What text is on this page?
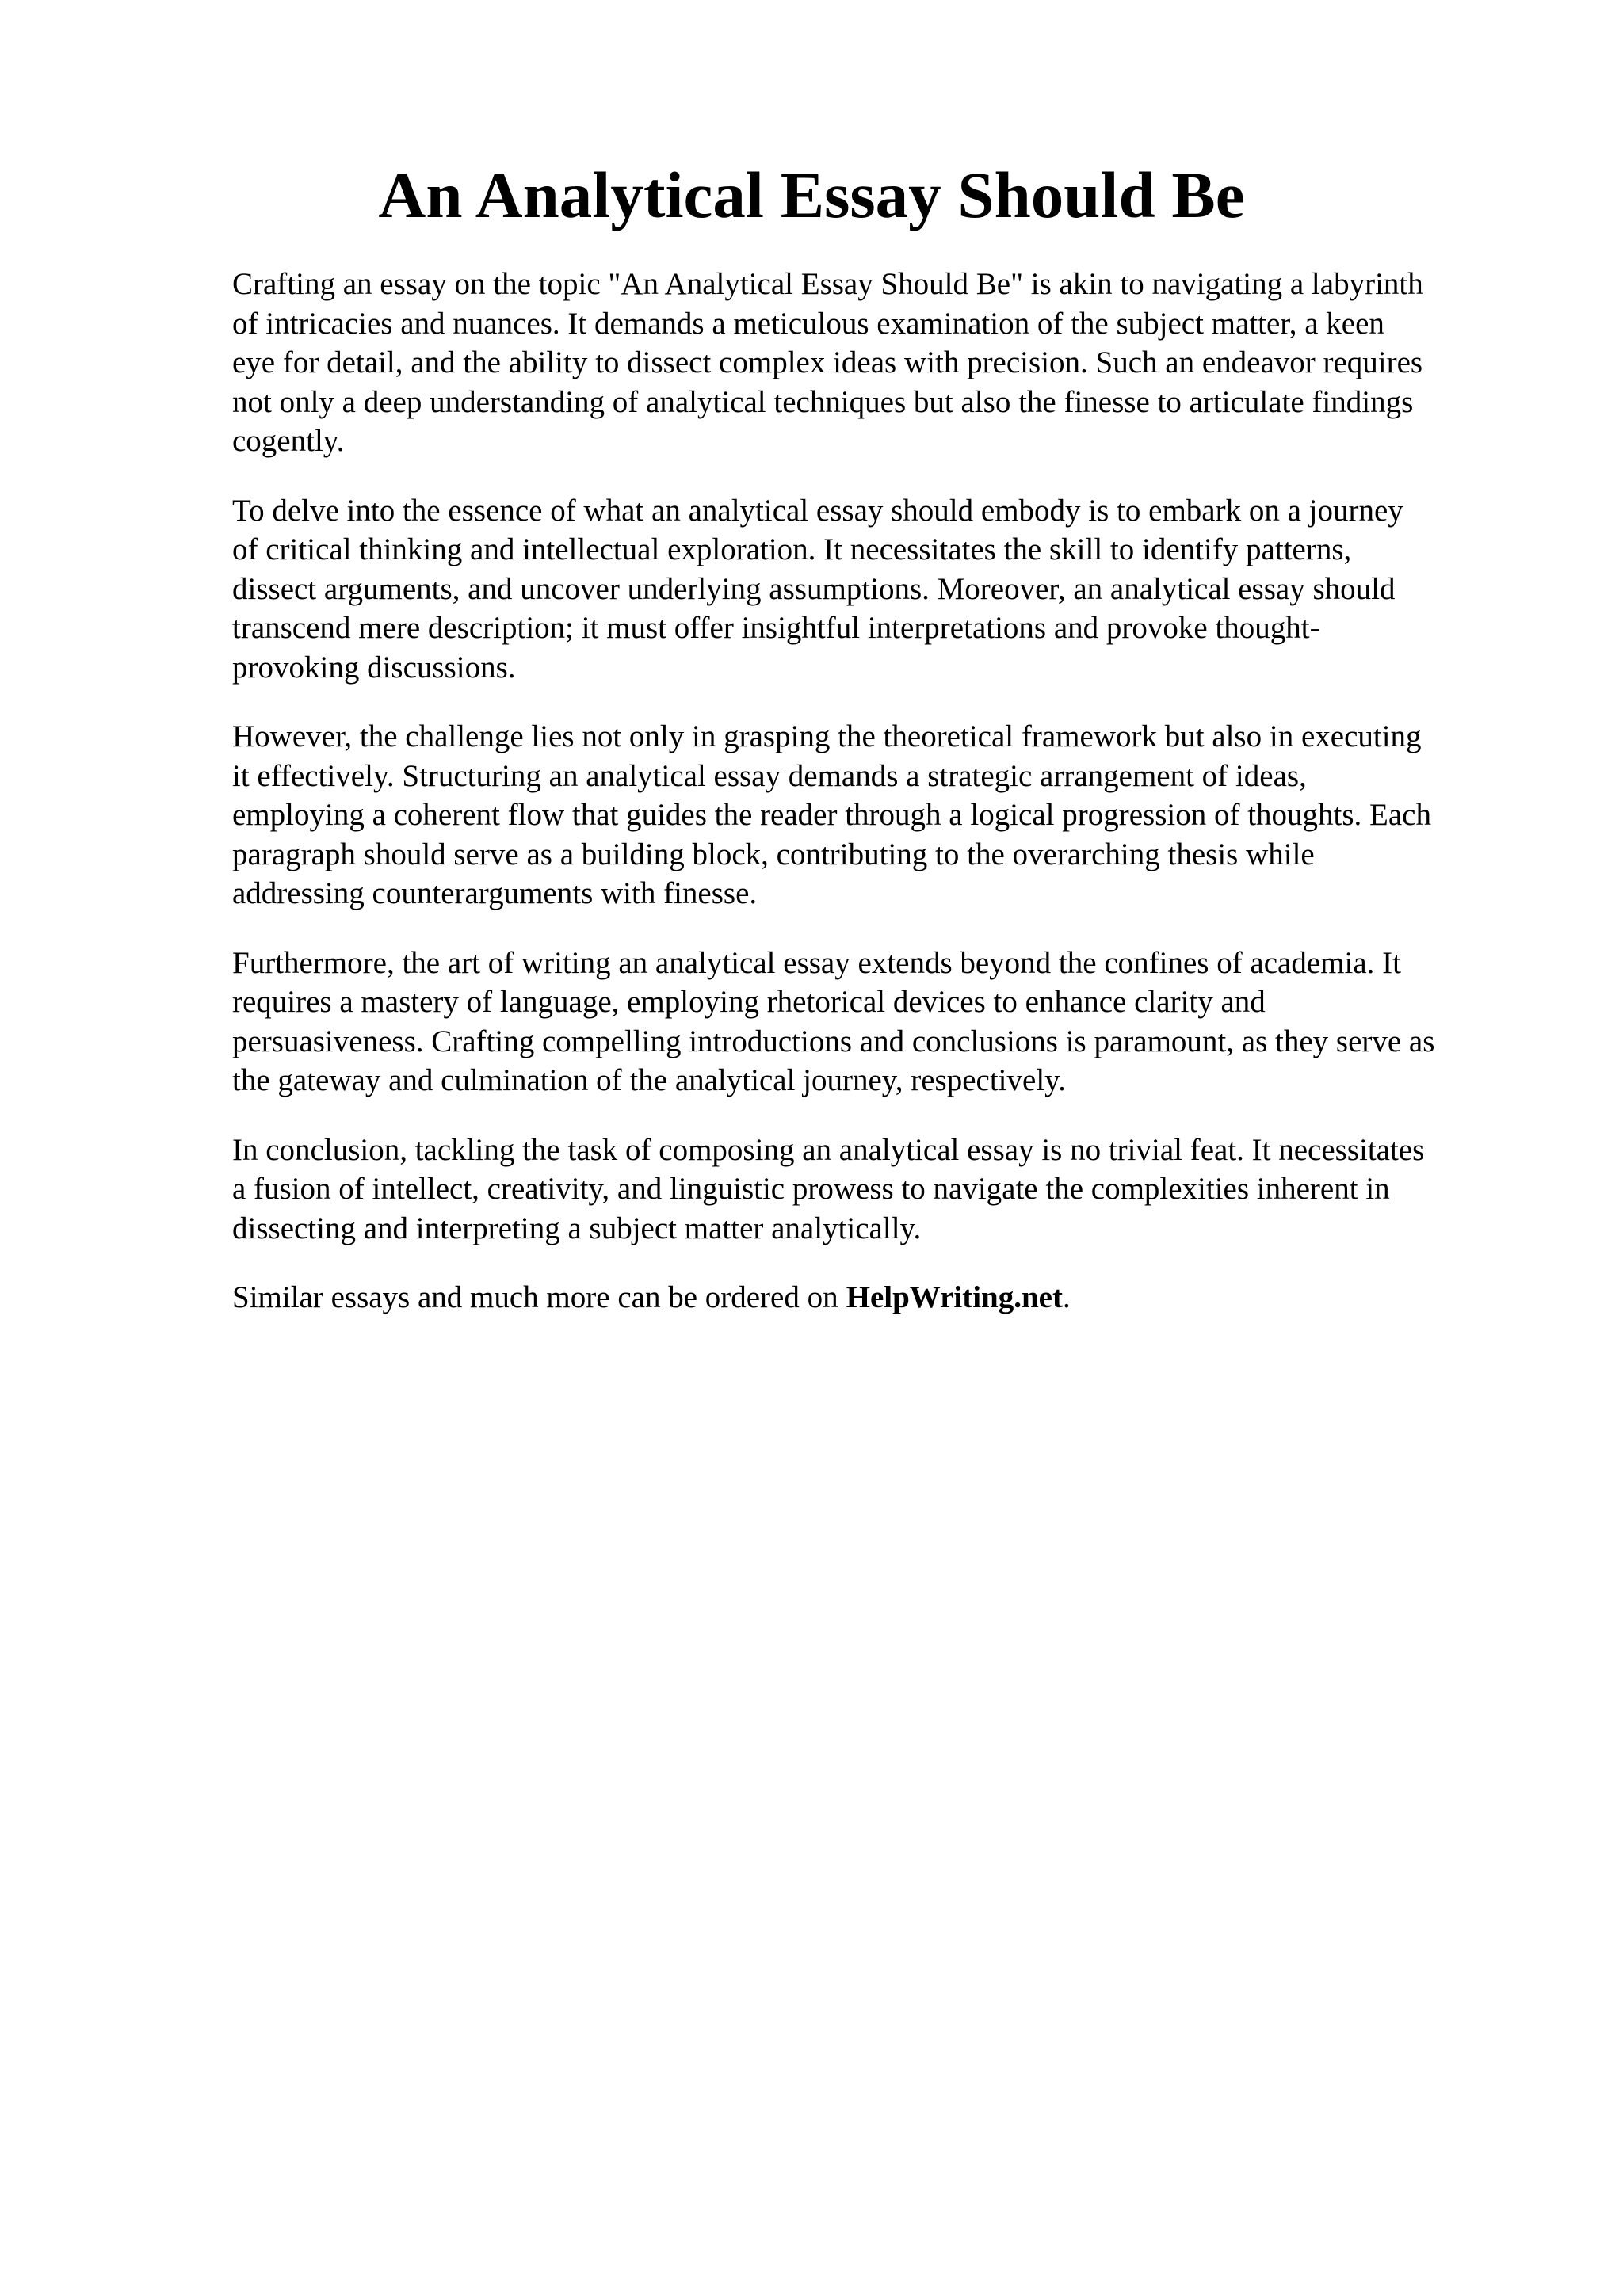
An Analytical Essay Should Be

Crafting an essay on the topic "An Analytical Essay Should Be" is akin to navigating a labyrinth
of intricacies and nuances. It demands a meticulous examination of the subject matter, a keen
eye for detail, and the ability to dissect complex ideas with precision. Such an endeavor requires
not only a deep understanding of analytical techniques but also the finesse to articulate findings
cogently.

To delve into the essence of what an analytical essay should embody is to embark on a journey
of critical thinking and intellectual exploration. It necessitates the skill to identify patterns,
dissect arguments, and uncover underlying assumptions. Moreover, an analytical essay should
transcend mere description; it must offer insightful interpretations and provoke thought-
provoking discussions.

However, the challenge lies not only in grasping the theoretical framework but also in executing
it effectively. Structuring an analytical essay demands a strategic arrangement of ideas,
employing a coherent flow that guides the reader through a logical progression of thoughts. Each
paragraph should serve as a building block, contributing to the overarching thesis while
addressing counterarguments with finesse.

Furthermore, the art of writing an analytical essay extends beyond the confines of academia. It
requires a mastery of language, employing rhetorical devices to enhance clarity and
persuasiveness. Crafting compelling introductions and conclusions is paramount, as they serve as
the gateway and culmination of the analytical journey, respectively.

In conclusion, tackling the task of composing an analytical essay is no trivial feat. It necessitates
a fusion of intellect, creativity, and linguistic prowess to navigate the complexities inherent in
dissecting and interpreting a subject matter analytically.

Similar essays and much more can be ordered on HelpWriting.net.
